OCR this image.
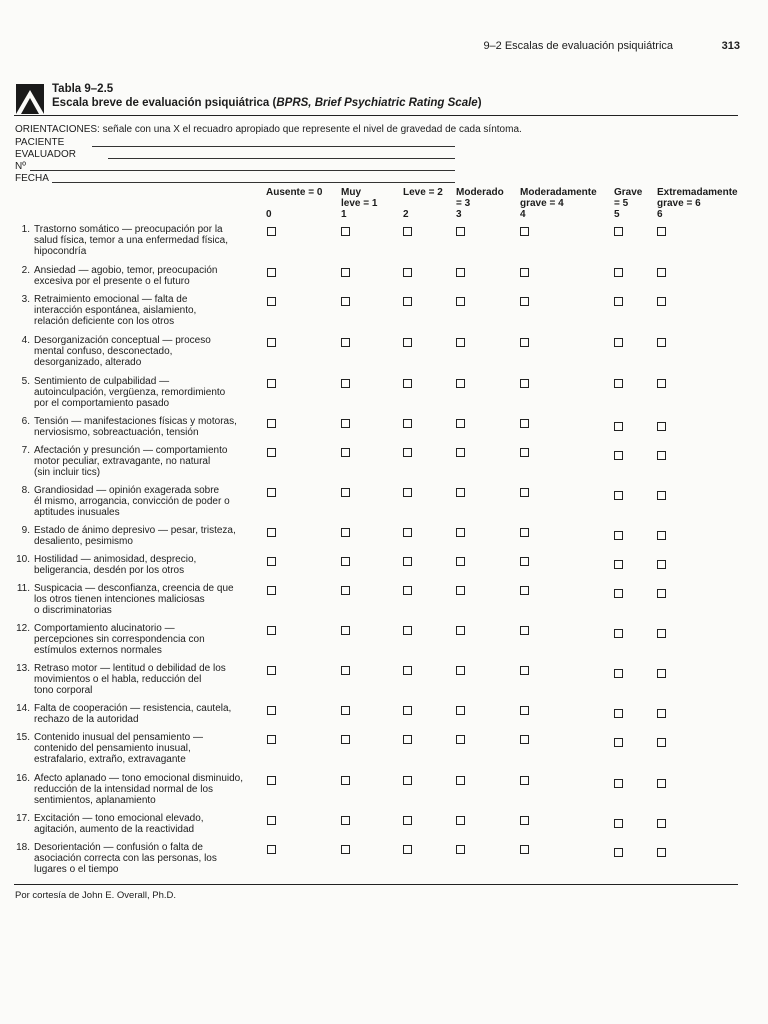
9–2 Escalas de evaluación psiquiátrica	313
Tabla 9–2.5
Escala breve de evaluación psiquiátrica (BPRS, Brief Psychiatric Rating Scale)
ORIENTACIONES: señale con una X el recuadro apropiado que represente el nivel de gravedad de cada síntoma.
PACIENTE
EVALUADOR
Nº
FECHA
Ausente = 0

0
Muy
leve = 1
1
Leve = 2

2
Moderado
= 3
3
Moderadamente
grave = 4
4
Grave
= 5
5
Extremadamente
grave = 6
6
1. Trastorno somático — preocupación por la
salud física, temor a una enfermedad física,
hipocondría
2. Ansiedad — agobio, temor, preocupación
excesiva por el presente o el futuro
3. Retraimiento emocional — falta de
interacción espontánea, aislamiento,
relación deficiente con los otros
4. Desorganización conceptual — proceso
mental confuso, desconectado,
desorganizado, alterado
5. Sentimiento de culpabilidad —
autoinculpación, vergüenza, remordimiento
por el comportamiento pasado
6. Tensión — manifestaciones físicas y motoras,
nerviosismo, sobreactuación, tensión
7. Afectación y presunción — comportamiento
motor peculiar, extravagante, no natural
(sin incluir tics)
8. Grandiosidad — opinión exagerada sobre
él mismo, arrogancia, convicción de poder o
aptitudes inusuales
9. Estado de ánimo depresivo — pesar, tristeza,
desaliento, pesimismo
10. Hostilidad — animosidad, desprecio,
beligerancia, desdén por los otros
11. Suspicacia — desconfianza, creencia de que
los otros tienen intenciones maliciosas
o discriminatorias
12. Comportamiento alucinatorio —
percepciones sin correspondencia con
estímulos externos normales
13. Retraso motor — lentitud o debilidad de los
movimientos o el habla, reducción del
tono corporal
14. Falta de cooperación — resistencia, cautela,
rechazo de la autoridad
15. Contenido inusual del pensamiento —
contenido del pensamiento inusual,
estrafalario, extraño, extravagante
16. Afecto aplanado — tono emocional disminuido,
reducción de la intensidad normal de los
sentimientos, aplanamiento
17. Excitación — tono emocional elevado,
agitación, aumento de la reactividad
18. Desorientación — confusión o falta de
asociación correcta con las personas, los
lugares o el tiempo
Por cortesía de John E. Overall, Ph.D.
